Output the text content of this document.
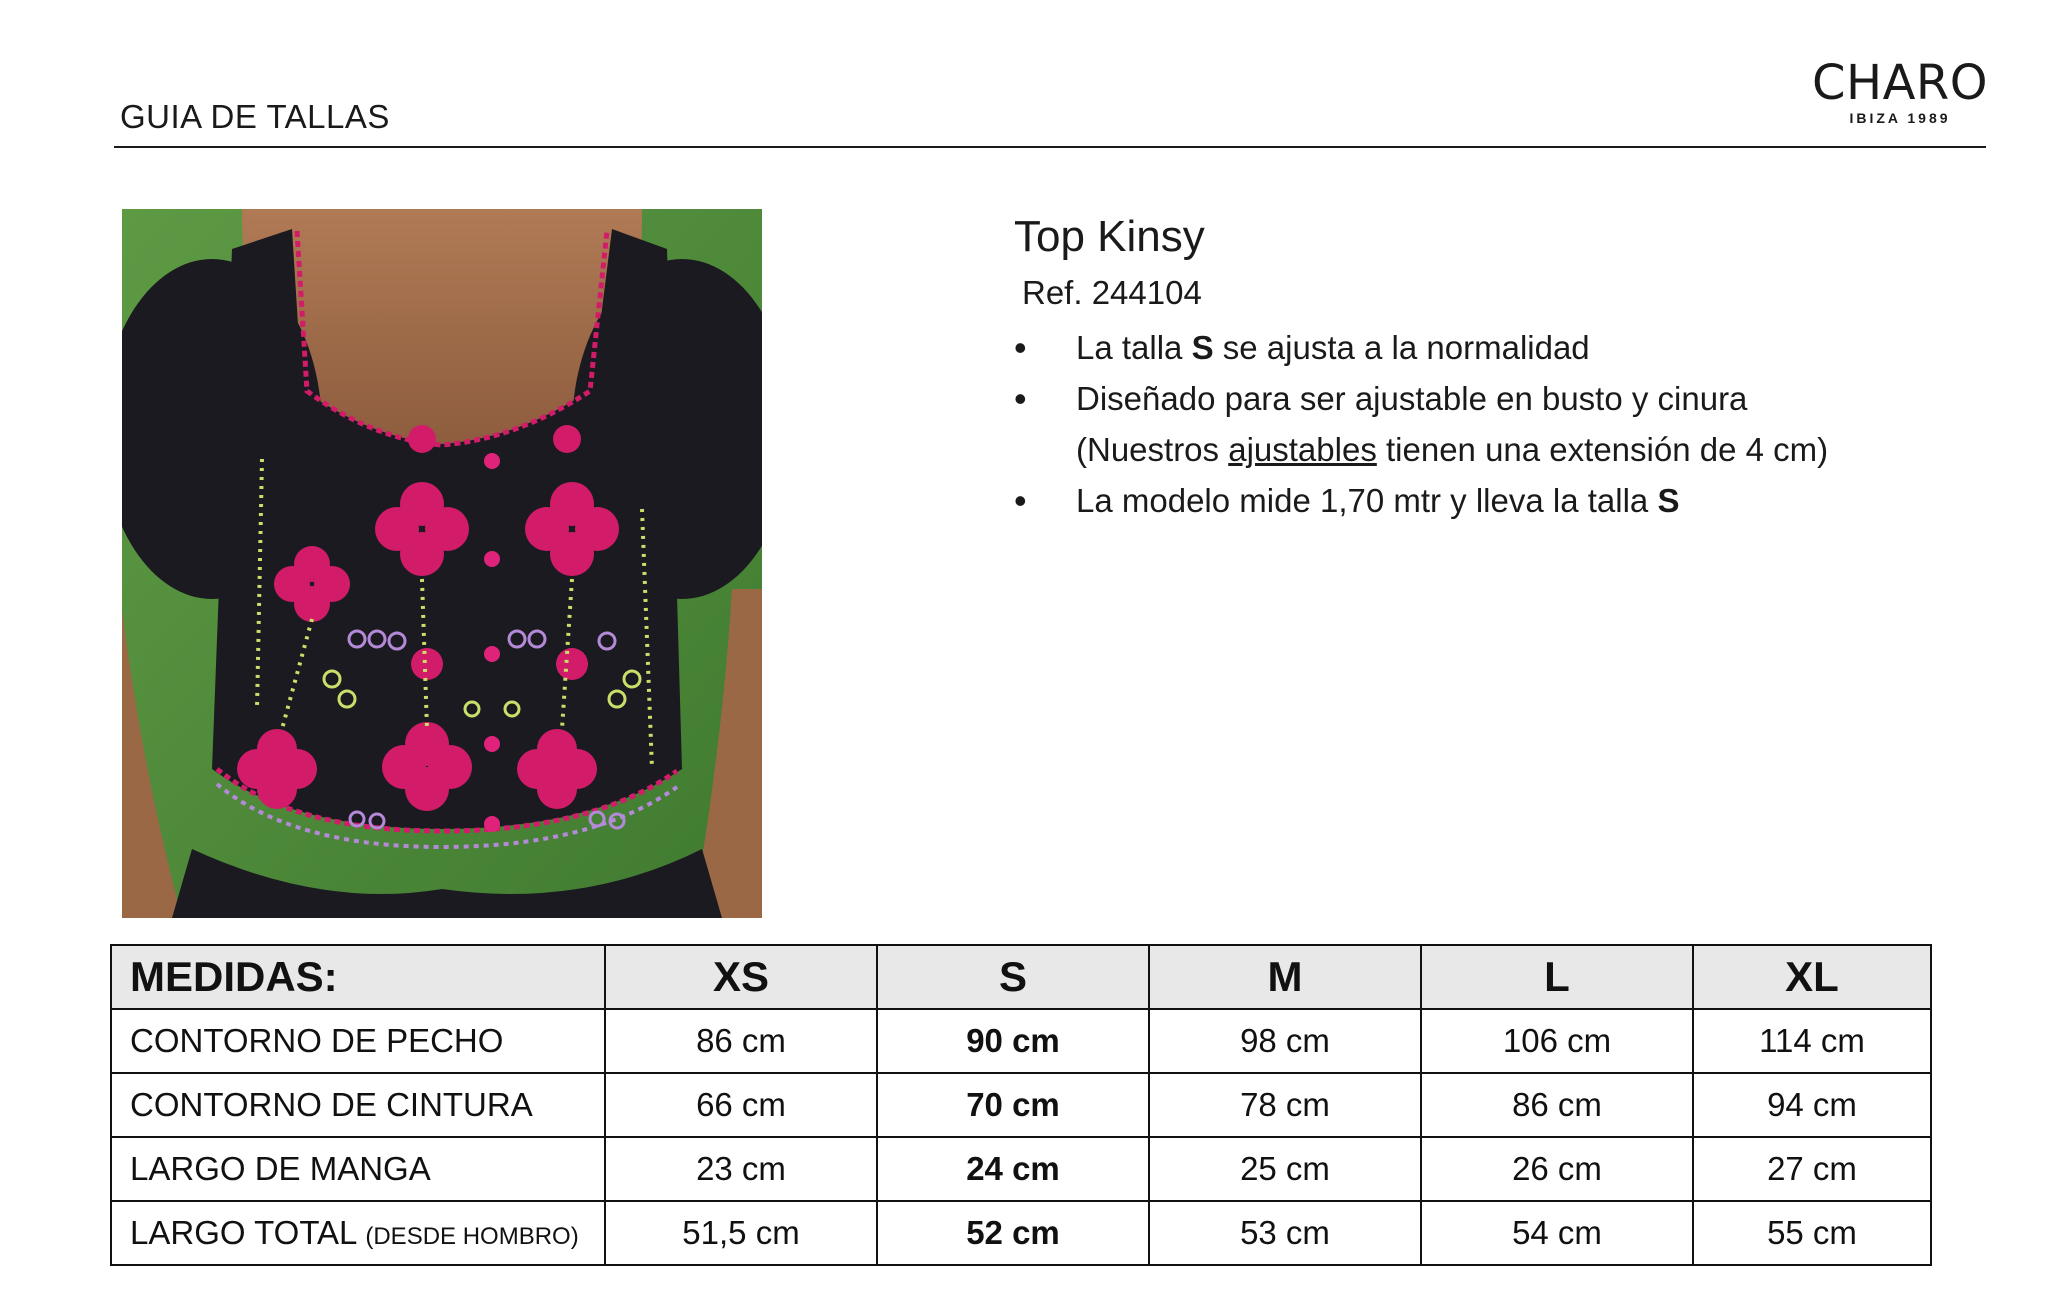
GUIA DE TALLAS
CHARO
IBIZA 1989
Top Kinsy
Ref. 244104
• La talla S se ajusta a la normalidad
• Diseñado para ser ajustable en busto y cinura
(Nuestros ajustables tienen una extensión de 4 cm)
• La modelo mide 1,70 mtr y lleva la talla S
MEDIDAS:	XS	S	M	L	XL
CONTORNO DE PECHO	86 cm	90 cm	98 cm	106 cm	114 cm
CONTORNO DE CINTURA	66 cm	70 cm	78 cm	86 cm	94 cm
LARGO DE MANGA	23 cm	24 cm	25 cm	26 cm	27 cm
LARGO TOTAL (DESDE HOMBRO)	51,5 cm	52 cm	53 cm	54 cm	55 cm
